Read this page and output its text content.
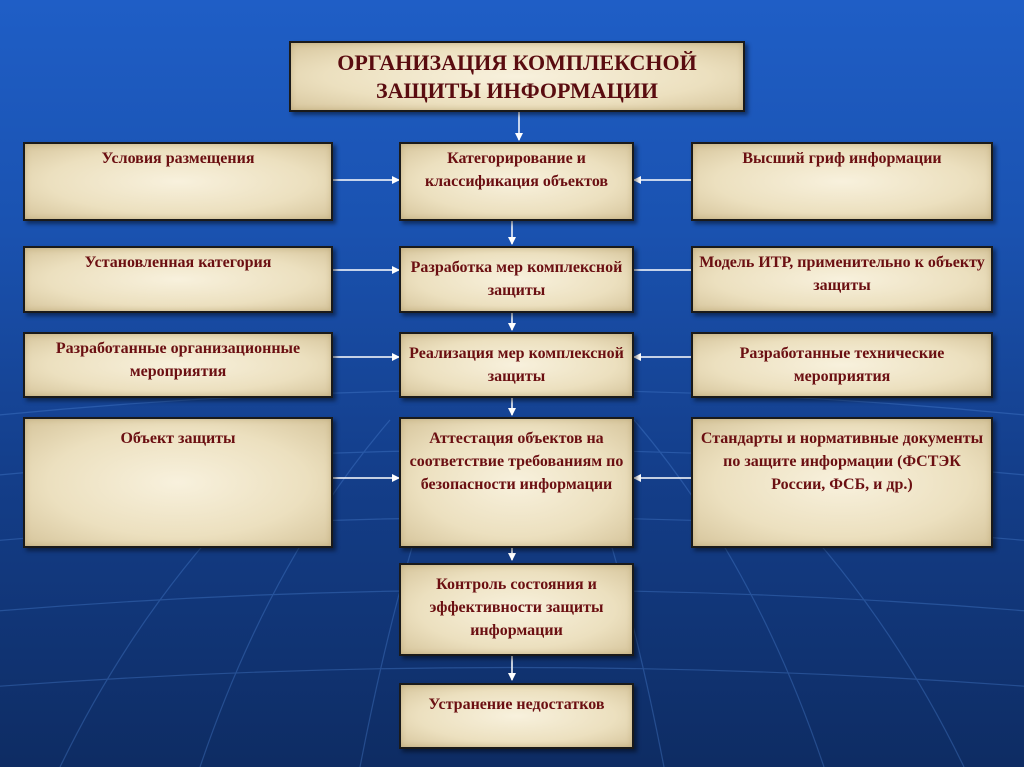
ОРГАНИЗАЦИЯ КОМПЛЕКСНОЙ ЗАЩИТЫ ИНФОРМАЦИИ
Категорирование и классификация объектов
Разработка мер комплексной защиты
Реализация мер комплексной защиты
Аттестация объектов на соответствие требованиям по безопасности информации
Контроль состояния и эффективности защиты информации
Устранение недостатков
Условия размещения
Установленная категория
Разработанные организационные мероприятия
Объект защиты
Высший гриф информации
Модель ИТР, применительно к объекту защиты
Разработанные технические мероприятия
Стандарты и нормативные документы по защите информации (ФСТЭК России, ФСБ, и др.)
